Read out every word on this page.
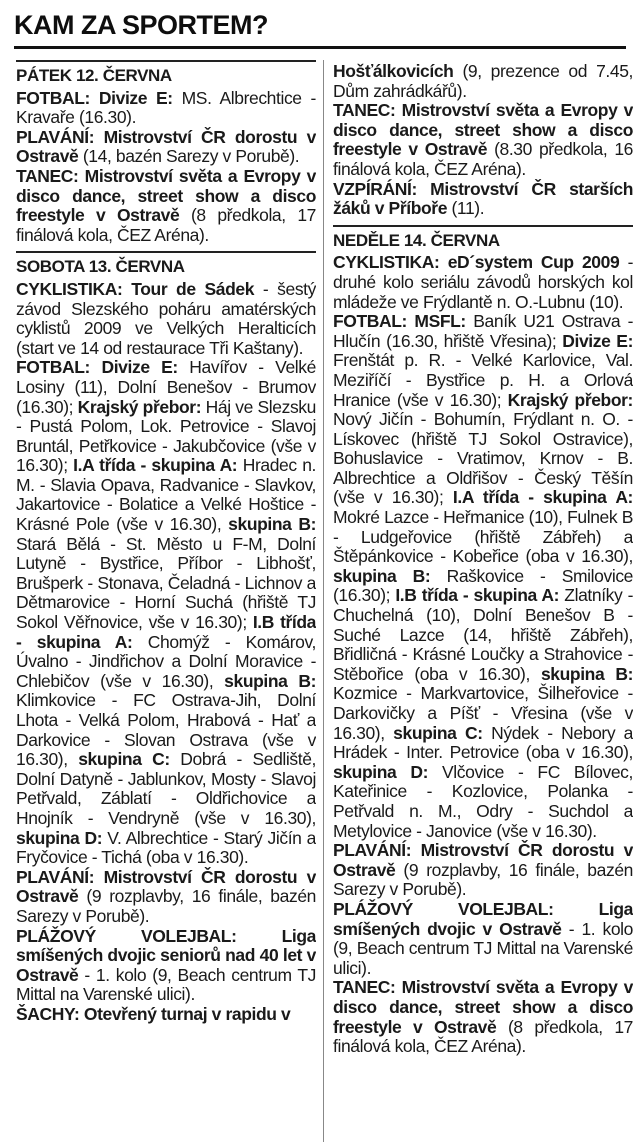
KAM ZA SPORTEM?
PÁTEK 12. ČERVNA
FOTBAL: Divize E: MS. Albrechtice - Kravaře (16.30).
PLAVÁNÍ: Mistrovství ČR dorostu v Ostravě (14, bazén Sarezy v Porubě).
TANEC: Mistrovství světa a Evropy v disco dance, street show a disco freestyle v Ostravě (8 předkola, 17 finálová kola, ČEZ Aréna).
SOBOTA 13. ČERVNA
CYKLISTIKA: Tour de Sádek - šestý závod Slezského poháru amatérských cyklistů 2009 ve Velkých Heralticích (start ve 14 od restaurace Tři Kaštany).
FOTBAL: Divize E: Havířov - Velké Losiny (11), Dolní Benešov - Brumov (16.30); Krajský přebor: Háj ve Slezsku - Pustá Polom, Lok. Petrovice - Slavoj Bruntál, Petřkovice - Jakubčovice (vše v 16.30); I.A třída - skupina A: Hradec n. M. - Slavia Opava, Radvanice - Slavkov, Jakartovice - Bolatice a Velké Hoštice - Krásné Pole (vše v 16.30), skupina B: Stará Bělá - St. Město u F-M, Dolní Lutyně - Bystřice, Příbor - Libhošť, Brušperk - Stonava, Čeladná - Lichnov a Dětmarovice - Horní Suchá (hřiště TJ Sokol Věřnovice, vše v 16.30); I.B třída - skupina A: Chomýž - Komárov, Úvalno - Jindřichov a Dolní Moravice - Chlebičov (vše v 16.30), skupina B: Klimkovice - FC Ostrava-Jih, Dolní Lhota - Velká Polom, Hrabová - Hať a Darkovice - Slovan Ostrava (vše v 16.30), skupina C: Dobrá - Sedliště, Dolní Datyně - Jablunkov, Mosty - Slavoj Petřvald, Záblatí - Oldřichovice a Hnojník - Vendryně (vše v 16.30), skupina D: V. Albrechtice - Starý Jičín a Fryčovice - Tichá (oba v 16.30).
PLAVÁNÍ: Mistrovství ČR dorostu v Ostravě (9 rozplavby, 16 finále, bazén Sarezy v Porubě).
PLÁŽOVÝ VOLEJBAL: Liga smíšených dvojic seniorů nad 40 let v Ostravě - 1. kolo (9, Beach centrum TJ Mittal na Varenské ulici).
ŠACHY: Otevřený turnaj v rapidu v
Hošťálkovicích (9, prezence od 7.45, Dům zahrádkářů).
TANEC: Mistrovství světa a Evropy v disco dance, street show a disco freestyle v Ostravě (8.30 předkola, 16 finálová kola, ČEZ Aréna).
VZPÍRÁNÍ: Mistrovství ČR starších žáků v Příboře (11).
NEDĚLE 14. ČERVNA
CYKLISTIKA: eD´system Cup 2009 - druhé kolo seriálu závodů horských kol mládeže ve Frýdlantě n. O.-Lubnu (10).
FOTBAL: MSFL: Baník U21 Ostrava - Hlučín (16.30, hřiště Vřesina); Divize E: Frenštát p. R. - Velké Karlovice, Val. Meziříčí - Bystřice p. H. a Orlová Hranice (vše v 16.30); Krajský přebor: Nový Jičín - Bohumín, Frýdlant n. O. - Lískovec (hřiště TJ Sokol Ostravice), Bohuslavice - Vratimov, Krnov - B. Albrechtice a Oldřišov - Český Těšín (vše v 16.30); I.A třída - skupina A: Mokré Lazce - Heřmanice (10), Fulnek B - Ludgeřovice (hřiště Zábřeh) a Štěpánkovice - Kobeřice (oba v 16.30), skupina B: Raškovice - Smilovice (16.30); I.B třída - skupina A: Zlatníky - Chuchelná (10), Dolní Benešov B - Suché Lazce (14, hřiště Zábřeh), Břidličná - Krásné Loučky a Strahovice - Stěbořice (oba v 16.30), skupina B: Kozmice - Markvartovice, Šilheřovice - Darkovičky a Píšť - Vřesina (vše v 16.30), skupina C: Nýdek - Nebory a Hrádek - Inter. Petrovice (oba v 16.30), skupina D: Vlčovice - FC Bílovec, Kateřinice - Kozlovice, Polanka - Petřvald n. M., Odry - Suchdol a Metylovice - Janovice (vše v 16.30).
PLAVÁNÍ: Mistrovství ČR dorostu v Ostravě (9 rozplavby, 16 finále, bazén Sarezy v Porubě).
PLÁŽOVÝ VOLEJBAL: Liga smíšených dvojic v Ostravě - 1. kolo (9, Beach centrum TJ Mittal na Varenské ulici).
TANEC: Mistrovství světa a Evropy v disco dance, street show a disco freestyle v Ostravě (8 předkola, 17 finálová kola, ČEZ Aréna).
